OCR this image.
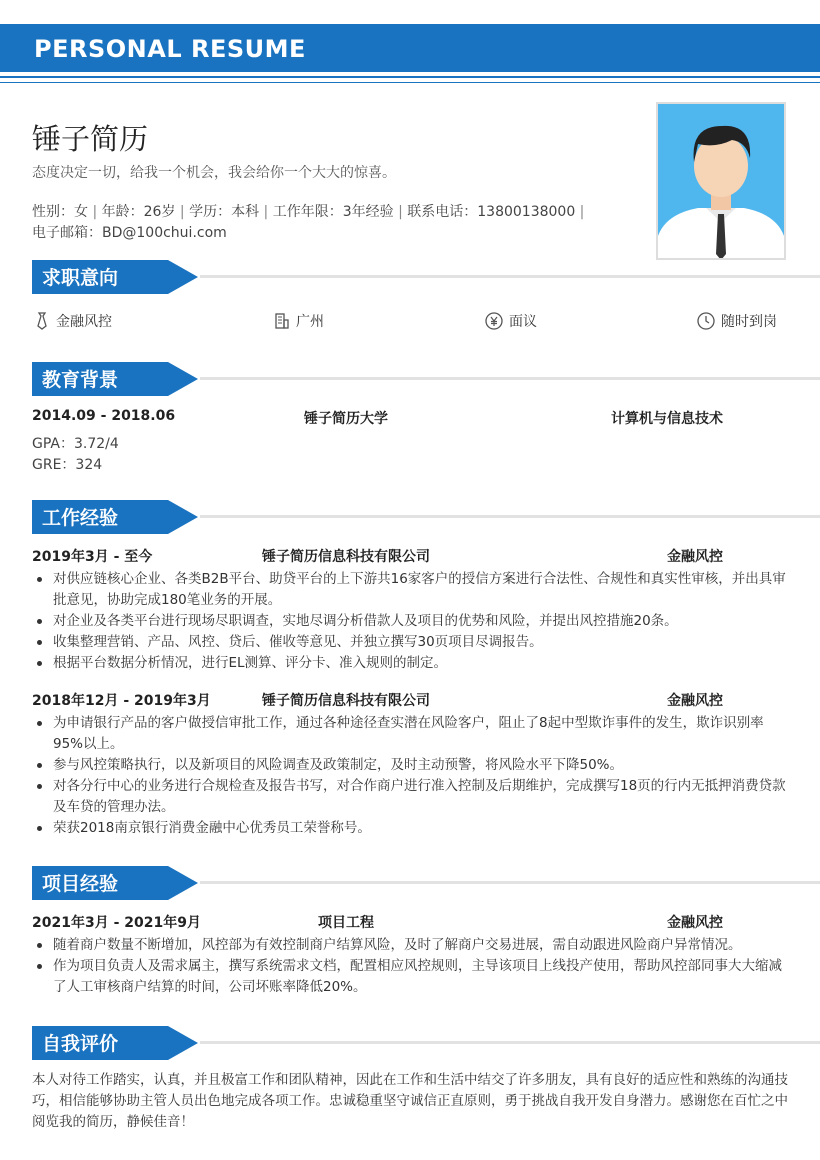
PERSONAL RESUME
锤子简历
态度决定一切，给我一个机会，我会给你一个大大的惊喜。
性别：女 | 年龄：26岁 | 学历：本科 | 工作年限：3年经验 | 联系电话：13800138000 |
电子邮箱：BD@100chui.com
求职意向
金融风控	广州	面议	随时到岗
教育背景
2014.09 - 2018.06	锤子简历大学	计算机与信息技术
GPA：3.72/4
GRE：324
工作经验
2019年3月 - 至今	锤子简历信息科技有限公司	金融风控
对供应链核心企业、各类B2B平台、助贷平台的上下游共16家客户的授信方案进行合法性、合规性和真实性审核，并出具审批意见，协助完成180笔业务的开展。
对企业及各类平台进行现场尽职调查，实地尽调分析借款人及项目的优势和风险，并提出风控措施20条。
收集整理营销、产品、风控、贷后、催收等意见、并独立撰写30页项目尽调报告。
根据平台数据分析情况，进行EL测算、评分卡、准入规则的制定。
2018年12月 - 2019年3月	锤子简历信息科技有限公司	金融风控
为申请银行产品的客户做授信审批工作，通过各种途径查实潜在风险客户，阻止了8起中型欺诈事件的发生，欺诈识别率95%以上。
参与风控策略执行，以及新项目的风险调查及政策制定，及时主动预警，将风险水平下降50%。
对各分行中心的业务进行合规检查及报告书写，对合作商户进行准入控制及后期维护，完成撰写18页的行内无抵押消费贷款及车贷的管理办法。
荣获2018南京银行消费金融中心优秀员工荣誉称号。
项目经验
2021年3月 - 2021年9月	项目工程	金融风控
随着商户数量不断增加，风控部为有效控制商户结算风险，及时了解商户交易进展，需自动跟进风险商户异常情况。
作为项目负责人及需求属主，撰写系统需求文档，配置相应风控规则，主导该项目上线投产使用，帮助风控部同事大大缩减了人工审核商户结算的时间，公司坏账率降低20%。
自我评价

本人对待工作踏实，认真，并且极富工作和团队精神，因此在工作和生活中结交了许多朋友，具有良好的适应性和熟练的沟通技巧，相信能够协助主管人员出色地完成各项工作。忠诚稳重坚守诚信正直原则，勇于挑战自我开发自身潜力。感谢您在百忙之中阅览我的简历，静候佳音！
